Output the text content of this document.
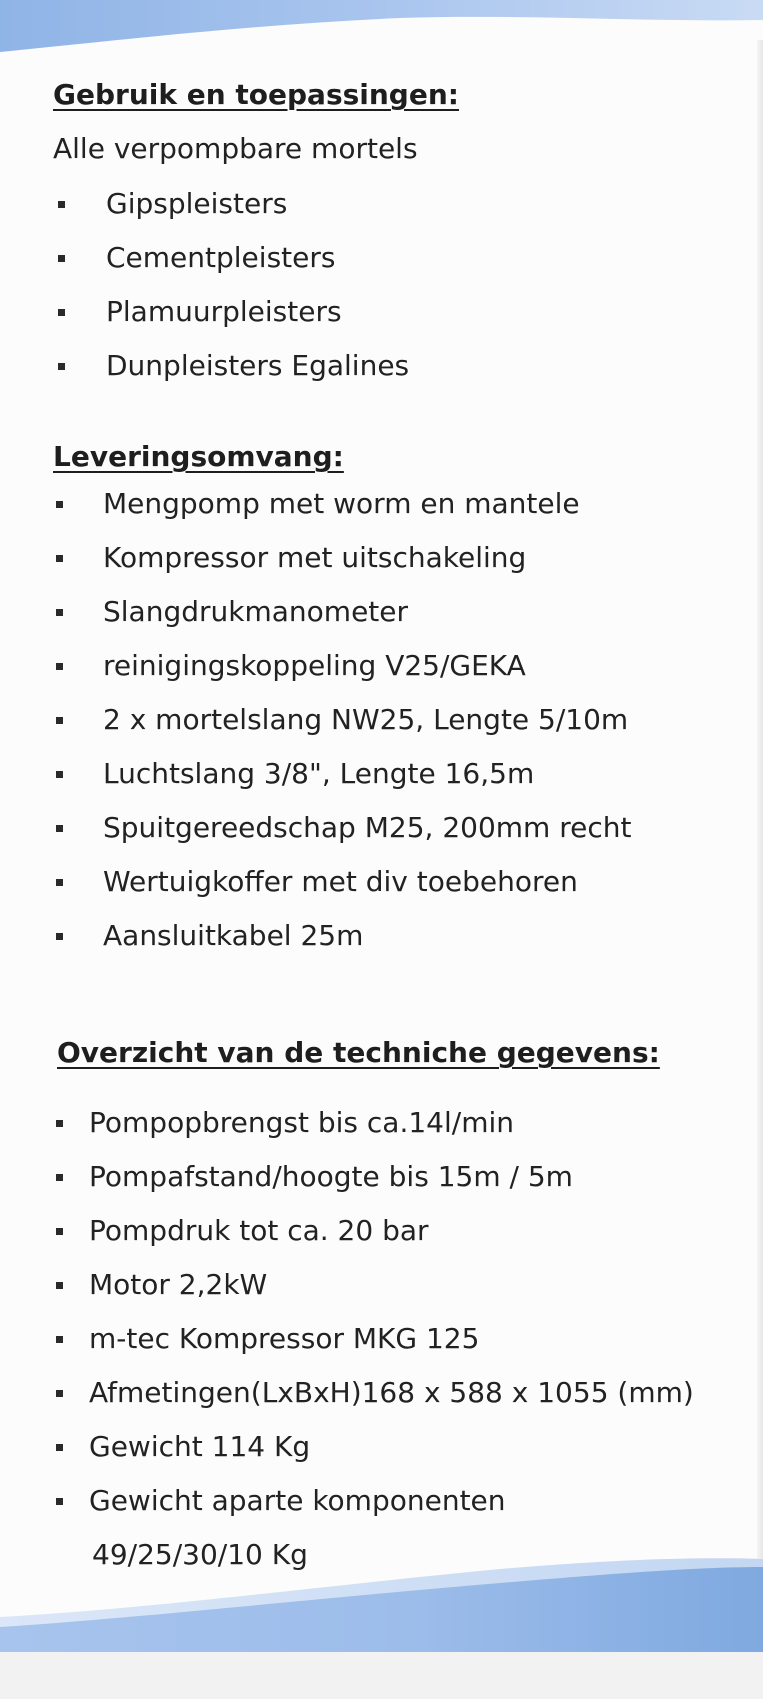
Gebruik en toepassingen:

Alle verpompbare mortels

Gipspleisters
Cementpleisters
Plamuurpleisters
Dunpleisters Egalines
Leveringsomvang:
Mengpomp met worm en mantele
Kompressor met uitschakeling
Slangdrukmanometer
reinigingskoppeling V25/GEKA
2 x mortelslang NW25, Lengte 5/10m
Luchtslang 3/8", Lengte 16,5m
Spuitgereedschap M25, 200mm recht
Wertuigkoffer met div toebehoren
Aansluitkabel 25m
Overzicht van de techniche gegevens:
Pompopbrengst bis ca.14l/min
Pompafstand/hoogte bis 15m / 5m
Pompdruk tot ca. 20 bar
Motor 2,2kW
m-tec Kompressor MKG 125
Afmetingen(LxBxH)168 x 588 x 1055 (mm)
Gewicht 114 Kg
Gewicht aparte komponenten
49/25/30/10 Kg
